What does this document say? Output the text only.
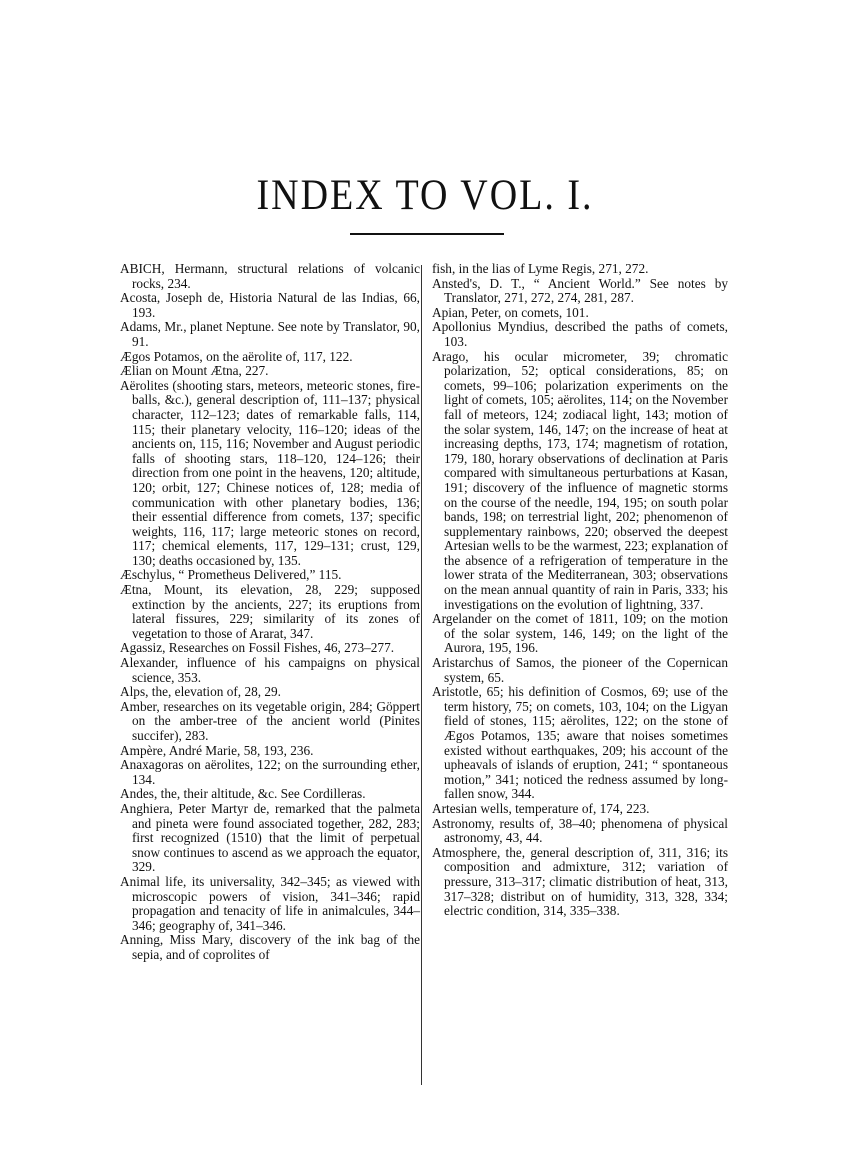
INDEX TO VOL. I.

ABICH, Hermann, structural relations of volcanic rocks, 234.

Acosta, Joseph de, Historia Natural de las Indias, 66, 193.

Adams, Mr., planet Neptune. See note by Translator, 90, 91.

Ægos Potamos, on the aërolite of, 117, 122.

Ælian on Mount Ætna, 227.

Aërolites (shooting stars, meteors, meteoric stones, fire-balls, &c.), general description of, 111–137; physical character, 112–123; dates of remarkable falls, 114, 115; their planetary velocity, 116–120; ideas of the ancients on, 115, 116; November and August periodic falls of shooting stars, 118–120, 124–126; their direction from one point in the heavens, 120; altitude, 120; orbit, 127; Chinese notices of, 128; media of communication with other planetary bodies, 136; their essential difference from comets, 137; specific weights, 116, 117; large meteoric stones on record, 117; chemical elements, 117, 129–131; crust, 129, 130; deaths occasioned by, 135.

Æschylus, “ Prometheus Delivered,” 115.

Ætna, Mount, its elevation, 28, 229; supposed extinction by the ancients, 227; its eruptions from lateral fissures, 229; similarity of its zones of vegetation to those of Ararat, 347.

Agassiz, Researches on Fossil Fishes, 46, 273–277.

Alexander, influence of his campaigns on physical science, 353.

Alps, the, elevation of, 28, 29.

Amber, researches on its vegetable origin, 284; Göppert on the amber-tree of the ancient world (Pinites succifer), 283.

Ampère, André Marie, 58, 193, 236.

Anaxagoras on aërolites, 122; on the surrounding ether, 134.

Andes, the, their altitude, &c. See Cordilleras.

Anghiera, Peter Martyr de, remarked that the palmeta and pineta were found associated together, 282, 283; first recognized (1510) that the limit of perpetual snow continues to ascend as we approach the equator, 329.

Animal life, its universality, 342–345; as viewed with microscopic powers of vision, 341–346; rapid propagation and tenacity of life in animalcules, 344–346; geography of, 341–346.

Anning, Miss Mary, discovery of the ink bag of the sepia, and of coprolites of

fish, in the lias of Lyme Regis, 271, 272.

Ansted's, D. T., “ Ancient World.” See notes by Translator, 271, 272, 274, 281, 287.

Apian, Peter, on comets, 101.

Apollonius Myndius, described the paths of comets, 103.

Arago, his ocular micrometer, 39; chromatic polarization, 52; optical considerations, 85; on comets, 99–106; polarization experiments on the light of comets, 105; aërolites, 114; on the November fall of meteors, 124; zodiacal light, 143; motion of the solar system, 146, 147; on the increase of heat at increasing depths, 173, 174; magnetism of rotation, 179, 180, horary observations of declination at Paris compared with simultaneous perturbations at Kasan, 191; discovery of the influence of magnetic storms on the course of the needle, 194, 195; on south polar bands, 198; on terrestrial light, 202; phenomenon of supplementary rainbows, 220; observed the deepest Artesian wells to be the warmest, 223; explanation of the absence of a refrigeration of temperature in the lower strata of the Mediterranean, 303; observations on the mean annual quantity of rain in Paris, 333; his investigations on the evolution of lightning, 337.

Argelander on the comet of 1811, 109; on the motion of the solar system, 146, 149; on the light of the Aurora, 195, 196.

Aristarchus of Samos, the pioneer of the Copernican system, 65.

Aristotle, 65; his definition of Cosmos, 69; use of the term history, 75; on comets, 103, 104; on the Ligyan field of stones, 115; aërolites, 122; on the stone of Ægos Potamos, 135; aware that noises sometimes existed without earthquakes, 209; his account of the upheavals of islands of eruption, 241; “ spontaneous motion,” 341; noticed the redness assumed by long-fallen snow, 344.

Artesian wells, temperature of, 174, 223.

Astronomy, results of, 38–40; phenomena of physical astronomy, 43, 44.

Atmosphere, the, general description of, 311, 316; its composition and admixture, 312; variation of pressure, 313–317; climatic distribution of heat, 313, 317–328; distribut on of humidity, 313, 328, 334; electric condition, 314, 335–338.
